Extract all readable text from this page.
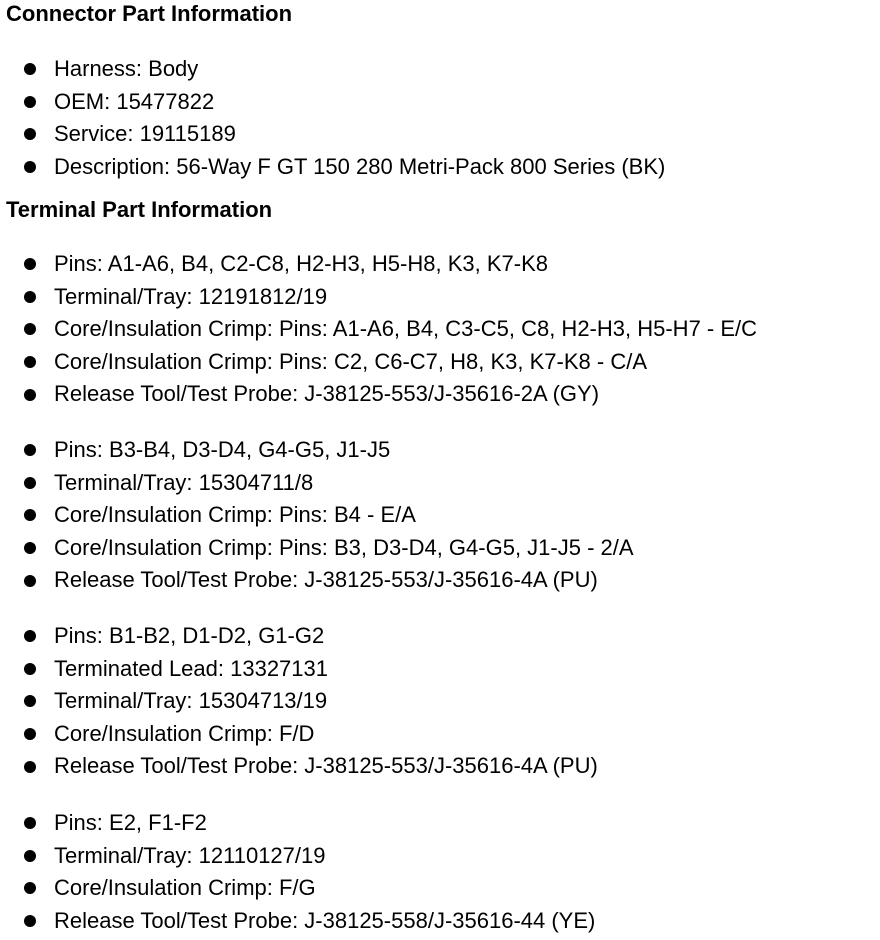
Connector Part Information
Harness: Body
OEM: 15477822
Service: 19115189
Description: 56-Way F GT 150 280 Metri-Pack 800 Series (BK)
Terminal Part Information
Pins: A1-A6, B4, C2-C8, H2-H3, H5-H8, K3, K7-K8
Terminal/Tray: 12191812/19
Core/Insulation Crimp: Pins: A1-A6, B4, C3-C5, C8, H2-H3, H5-H7 - E/C
Core/Insulation Crimp: Pins: C2, C6-C7, H8, K3, K7-K8 - C/A
Release Tool/Test Probe: J-38125-553/J-35616-2A (GY)
Pins: B3-B4, D3-D4, G4-G5, J1-J5
Terminal/Tray: 15304711/8
Core/Insulation Crimp: Pins: B4 - E/A
Core/Insulation Crimp: Pins: B3, D3-D4, G4-G5, J1-J5 - 2/A
Release Tool/Test Probe: J-38125-553/J-35616-4A (PU)
Pins: B1-B2, D1-D2, G1-G2
Terminated Lead: 13327131
Terminal/Tray: 15304713/19
Core/Insulation Crimp: F/D
Release Tool/Test Probe: J-38125-553/J-35616-4A (PU)
Pins: E2, F1-F2
Terminal/Tray: 12110127/19
Core/Insulation Crimp: F/G
Release Tool/Test Probe: J-38125-558/J-35616-44 (YE)
